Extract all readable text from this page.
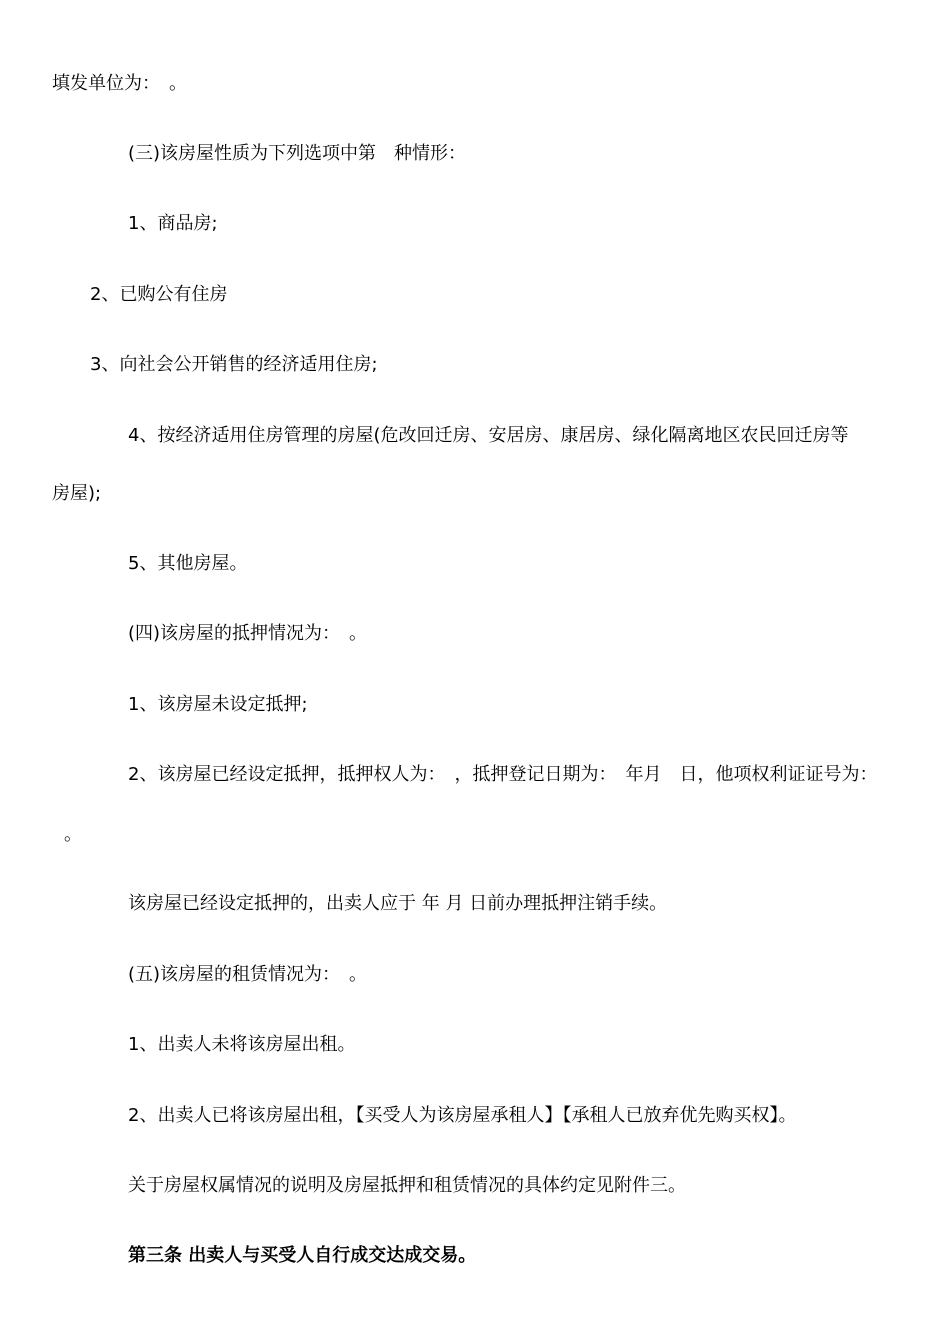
填发单位为：　。
(三)该房屋性质为下列选项中第　种情形：
1、商品房;
2、已购公有住房
3、向社会公开销售的经济适用住房;
4、按经济适用住房管理的房屋(危改回迁房、安居房、康居房、绿化隔离地区农民回迁房等
房屋);
5、其他房屋。
(四)该房屋的抵押情况为：　。
1、该房屋未设定抵押;
2、该房屋已经设定抵押，抵押权人为：　，抵押登记日期为：　年月　日，他项权利证证号为：
。
该房屋已经设定抵押的，出卖人应于 年 月 日前办理抵押注销手续。
(五)该房屋的租赁情况为：　。
1、出卖人未将该房屋出租。
2、出卖人已将该房屋出租，【买受人为该房屋承租人】【承租人已放弃优先购买权】。
关于房屋权属情况的说明及房屋抵押和租赁情况的具体约定见附件三。
第三条 出卖人与买受人自行成交达成交易。
